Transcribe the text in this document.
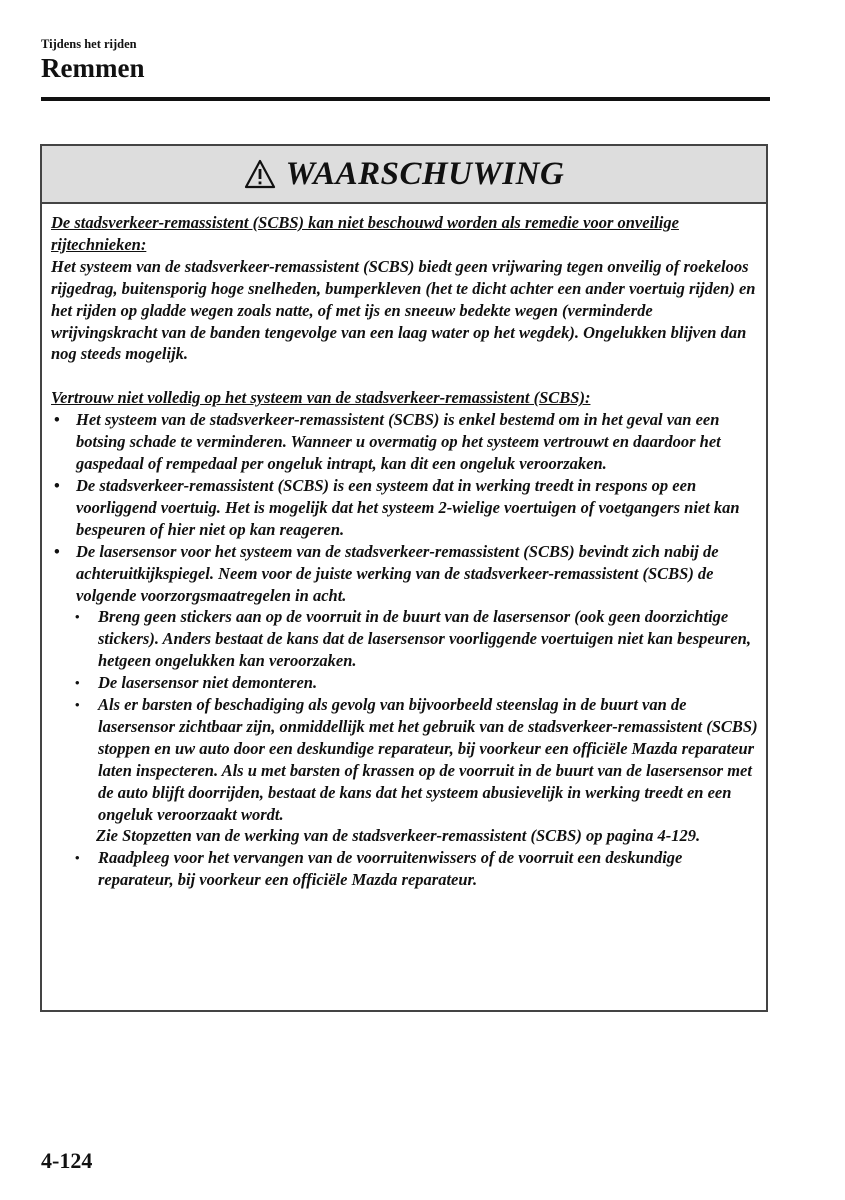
Tijdens het rijden

Remmen
WAARSCHUWING

De stadsverkeer-remassistent (SCBS) kan niet beschouwd worden als remedie voor onveilige rijtechnieken:

Het systeem van de stadsverkeer-remassistent (SCBS) biedt geen vrijwaring tegen onveilig of roekeloos rijgedrag, buitensporig hoge snelheden, bumperkleven (het te dicht achter een ander voertuig rijden) en het rijden op gladde wegen zoals natte, of met ijs en sneeuw bedekte wegen (verminderde wrijvingskracht van de banden tengevolge van een laag water op het wegdek). Ongelukken blijven dan nog steeds mogelijk.

Vertrouw niet volledig op het systeem van de stadsverkeer-remassistent (SCBS):

• Het systeem van de stadsverkeer-remassistent (SCBS) is enkel bestemd om in het geval van een botsing schade te verminderen. Wanneer u overmatig op het systeem vertrouwt en daardoor het gaspedaal of rempedaal per ongeluk intrapt, kan dit een ongeluk veroorzaken.
• De stadsverkeer-remassistent (SCBS) is een systeem dat in werking treedt in respons op een voorliggend voertuig. Het is mogelijk dat het systeem 2-wielige voertuigen of voetgangers niet kan bespeuren of hier niet op kan reageren.
• De lasersensor voor het systeem van de stadsverkeer-remassistent (SCBS) bevindt zich nabij de achteruitkijkspiegel. Neem voor de juiste werking van de stadsverkeer-remassistent (SCBS) de volgende voorzorgsmaatregelen in acht.
•	Breng geen stickers aan op de voorruit in de buurt van de lasersensor (ook geen doorzichtige stickers). Anders bestaat de kans dat de lasersensor voorliggende voertuigen niet kan bespeuren, hetgeen ongelukken kan veroorzaken.
•	De lasersensor niet demonteren.
•	Als er barsten of beschadiging als gevolg van bijvoorbeeld steenslag in de buurt van de lasersensor zichtbaar zijn, onmiddellijk met het gebruik van de stadsverkeer-remassistent (SCBS) stoppen en uw auto door een deskundige reparateur, bij voorkeur een officiële Mazda reparateur laten inspecteren. Als u met barsten of krassen op de voorruit in de buurt van de lasersensor met de auto blijft doorrijden, bestaat de kans dat het systeem abusievelijk in werking treedt en een ongeluk veroorzaakt wordt.

Zie Stopzetten van de werking van de stadsverkeer-remassistent (SCBS) op pagina 4-129.

•	Raadpleeg voor het vervangen van de voorruitenwissers of de voorruit een deskundige reparateur, bij voorkeur een officiële Mazda reparateur.

4-124
